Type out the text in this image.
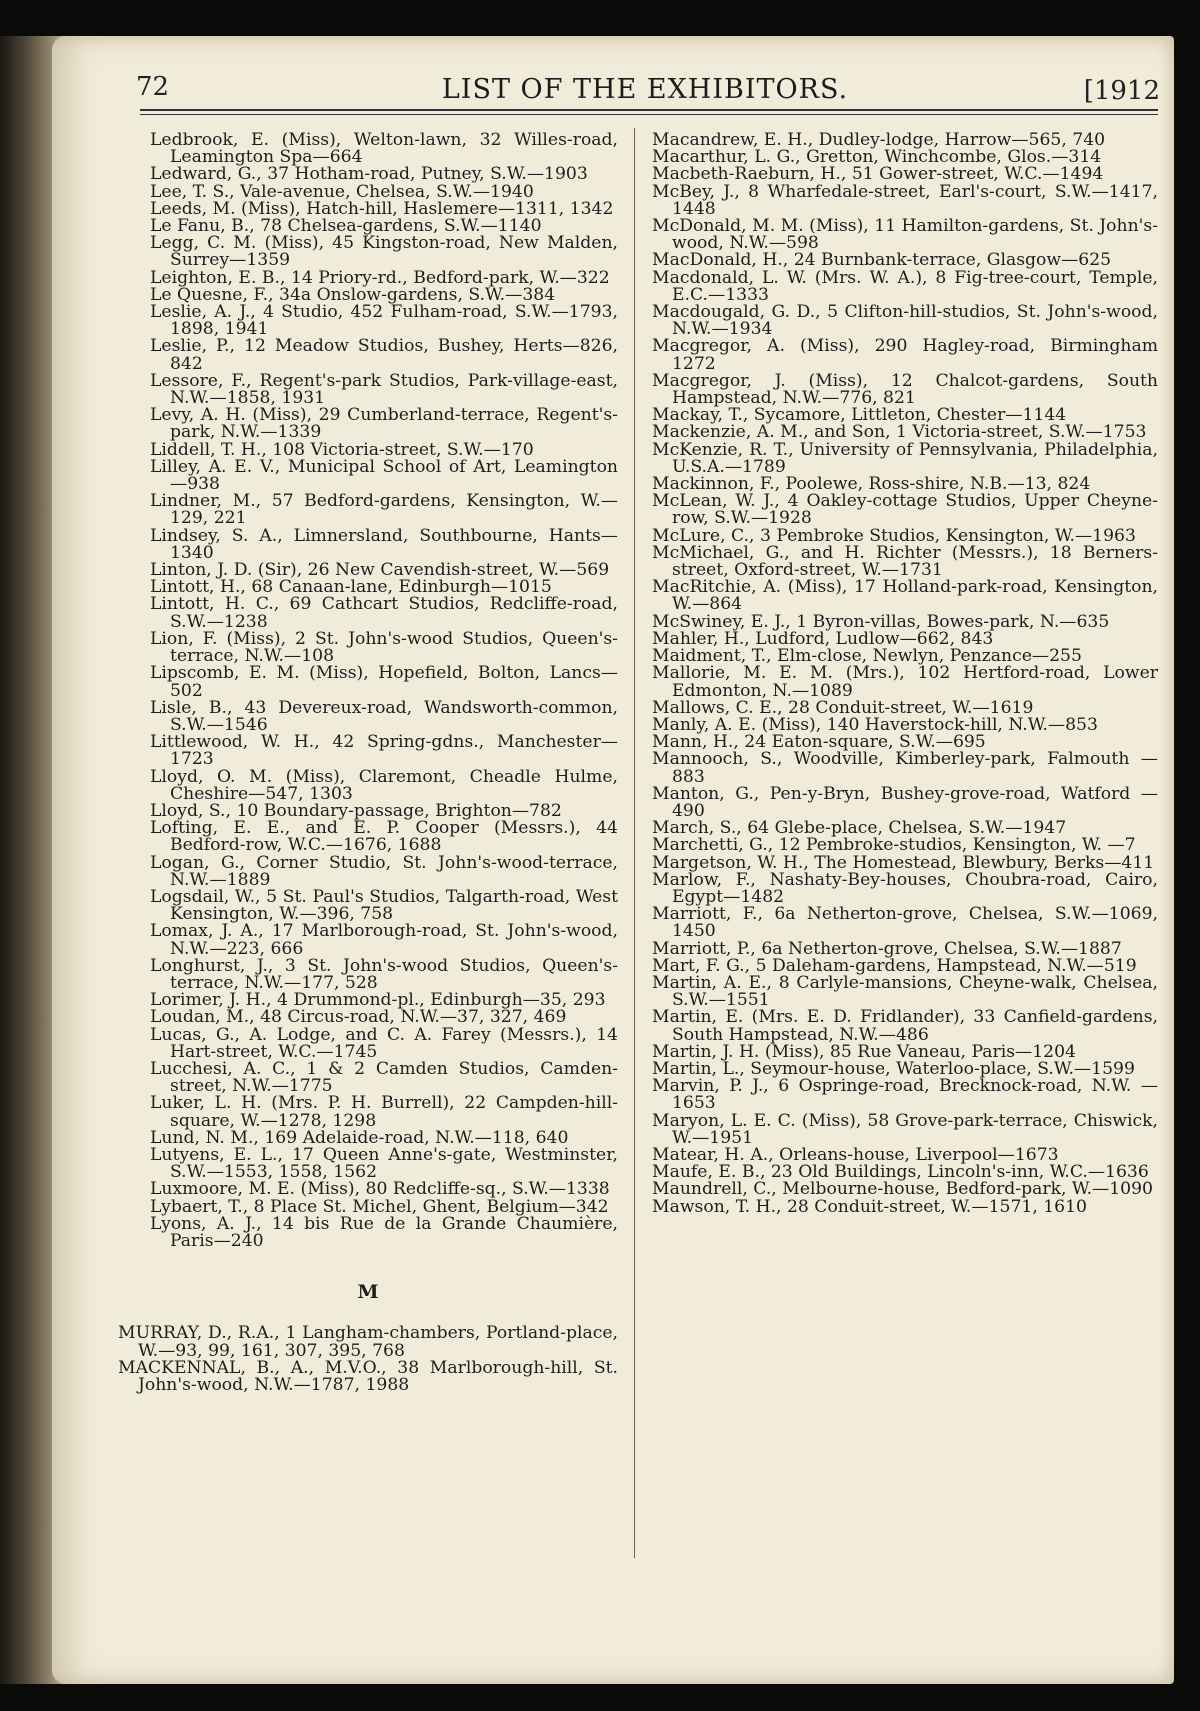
72	LIST OF THE EXHIBITORS.	[1912

Ledbrook, E. (Miss), Welton-lawn, 32 Willes-road, Leamington Spa—664

Ledward, G., 37 Hotham-road, Putney, S.W.—1903

Lee, T. S., Vale-avenue, Chelsea, S.W.—1940

Leeds, M. (Miss), Hatch-hill, Haslemere—1311, 1342

Le Fanu, B., 78 Chelsea-gardens, S.W.—1140

Legg, C. M. (Miss), 45 Kingston-road, New Malden, Surrey—1359

Leighton, E. B., 14 Priory-rd., Bedford-park, W.—322

Le Quesne, F., 34a Onslow-gardens, S.W.—384

Leslie, A. J., 4 Studio, 452 Fulham-road, S.W.—1793, 1898, 1941

Leslie, P., 12 Meadow Studios, Bushey, Herts—826, 842

Lessore, F., Regent's-park Studios, Park-village-east, N.W.—1858, 1931

Levy, A. H. (Miss), 29 Cumberland-terrace, Regent's-park, N.W.—1339

Liddell, T. H., 108 Victoria-street, S.W.—170

Lilley, A. E. V., Municipal School of Art, Leamington —938

Lindner, M., 57 Bedford-gardens, Kensington, W.—129, 221

Lindsey, S. A., Limnersland, Southbourne, Hants—1340

Linton, J. D. (Sir), 26 New Cavendish-street, W.—569

Lintott, H., 68 Canaan-lane, Edinburgh—1015

Lintott, H. C., 69 Cathcart Studios, Redcliffe-road, S.W.—1238

Lion, F. (Miss), 2 St. John's-wood Studios, Queen's-terrace, N.W.—108

Lipscomb, E. M. (Miss), Hopefield, Bolton, Lancs—502

Lisle, B., 43 Devereux-road, Wandsworth-common, S.W.—1546

Littlewood, W. H., 42 Spring-gdns., Manchester—1723

Lloyd, O. M. (Miss), Claremont, Cheadle Hulme, Cheshire—547, 1303

Lloyd, S., 10 Boundary-passage, Brighton—782

Lofting, E. E., and E. P. Cooper (Messrs.), 44 Bedford-row, W.C.—1676, 1688

Logan, G., Corner Studio, St. John's-wood-terrace, N.W.—1889

Logsdail, W., 5 St. Paul's Studios, Talgarth-road, West Kensington, W.—396, 758

Lomax, J. A., 17 Marlborough-road, St. John's-wood, N.W.—223, 666

Longhurst, J., 3 St. John's-wood Studios, Queen's-terrace, N.W.—177, 528

Lorimer, J. H., 4 Drummond-pl., Edinburgh—35, 293

Loudan, M., 48 Circus-road, N.W.—37, 327, 469

Lucas, G., A. Lodge, and C. A. Farey (Messrs.), 14 Hart-street, W.C.—1745

Lucchesi, A. C., 1 & 2 Camden Studios, Camden-street, N.W.—1775

Luker, L. H. (Mrs. P. H. Burrell), 22 Campden-hill-square, W.—1278, 1298

Lund, N. M., 169 Adelaide-road, N.W.—118, 640

Lutyens, E. L., 17 Queen Anne's-gate, Westminster, S.W.—1553, 1558, 1562

Luxmoore, M. E. (Miss), 80 Redcliffe-sq., S.W.—1338

Lybaert, T., 8 Place St. Michel, Ghent, Belgium—342

Lyons, A. J., 14 bis Rue de la Grande Chaumière, Paris—240

M

MURRAY, D., R.A., 1 Langham-chambers, Portland-place, W.—93, 99, 161, 307, 395, 768

MACKENNAL, B., A., M.V.O., 38 Marlborough-hill, St. John's-wood, N.W.—1787, 1988

Macandrew, E. H., Dudley-lodge, Harrow—565, 740

Macarthur, L. G., Gretton, Winchcombe, Glos.—314

Macbeth-Raeburn, H., 51 Gower-street, W.C.—1494

McBey, J., 8 Wharfedale-street, Earl's-court, S.W.—1417, 1448

McDonald, M. M. (Miss), 11 Hamilton-gardens, St. John's-wood, N.W.—598

MacDonald, H., 24 Burnbank-terrace, Glasgow—625

Macdonald, L. W. (Mrs. W. A.), 8 Fig-tree-court, Temple, E.C.—1333

Macdougald, G. D., 5 Clifton-hill-studios, St. John's-wood, N.W.—1934

Macgregor, A. (Miss), 290 Hagley-road, Birmingham 1272

Macgregor, J. (Miss), 12 Chalcot-gardens, South Hampstead, N.W.—776, 821

Mackay, T., Sycamore, Littleton, Chester—1144

Mackenzie, A. M., and Son, 1 Victoria-street, S.W.—1753

McKenzie, R. T., University of Pennsylvania, Philadelphia, U.S.A.—1789

Mackinnon, F., Poolewe, Ross-shire, N.B.—13, 824

McLean, W. J., 4 Oakley-cottage Studios, Upper Cheyne-row, S.W.—1928

McLure, C., 3 Pembroke Studios, Kensington, W.—1963

McMichael, G., and H. Richter (Messrs.), 18 Berners-street, Oxford-street, W.—1731

MacRitchie, A. (Miss), 17 Holland-park-road, Kensington, W.—864

McSwiney, E. J., 1 Byron-villas, Bowes-park, N.—635

Mahler, H., Ludford, Ludlow—662, 843

Maidment, T., Elm-close, Newlyn, Penzance—255

Mallorie, M. E. M. (Mrs.), 102 Hertford-road, Lower Edmonton, N.—1089

Mallows, C. E., 28 Conduit-street, W.—1619

Manly, A. E. (Miss), 140 Haverstock-hill, N.W.—853

Mann, H., 24 Eaton-square, S.W.—695

Mannooch, S., Woodville, Kimberley-park, Falmouth —883

Manton, G., Pen-y-Bryn, Bushey-grove-road, Watford —490

March, S., 64 Glebe-place, Chelsea, S.W.—1947

Marchetti, G., 12 Pembroke-studios, Kensington, W. —7

Margetson, W. H., The Homestead, Blewbury, Berks—411

Marlow, F., Nashaty-Bey-houses, Choubra-road, Cairo, Egypt—1482

Marriott, F., 6a Netherton-grove, Chelsea, S.W.—1069, 1450

Marriott, P., 6a Netherton-grove, Chelsea, S.W.—1887

Mart, F. G., 5 Daleham-gardens, Hampstead, N.W.—519

Martin, A. E., 8 Carlyle-mansions, Cheyne-walk, Chelsea, S.W.—1551

Martin, E. (Mrs. E. D. Fridlander), 33 Canfield-gardens, South Hampstead, N.W.—486

Martin, J. H. (Miss), 85 Rue Vaneau, Paris—1204

Martin, L., Seymour-house, Waterloo-place, S.W.—1599

Marvin, P. J., 6 Ospringe-road, Brecknock-road, N.W. —1653

Maryon, L. E. C. (Miss), 58 Grove-park-terrace, Chiswick, W.—1951

Matear, H. A., Orleans-house, Liverpool—1673

Maufe, E. B., 23 Old Buildings, Lincoln's-inn, W.C.—1636

Maundrell, C., Melbourne-house, Bedford-park, W.—1090

Mawson, T. H., 28 Conduit-street, W.—1571, 1610
